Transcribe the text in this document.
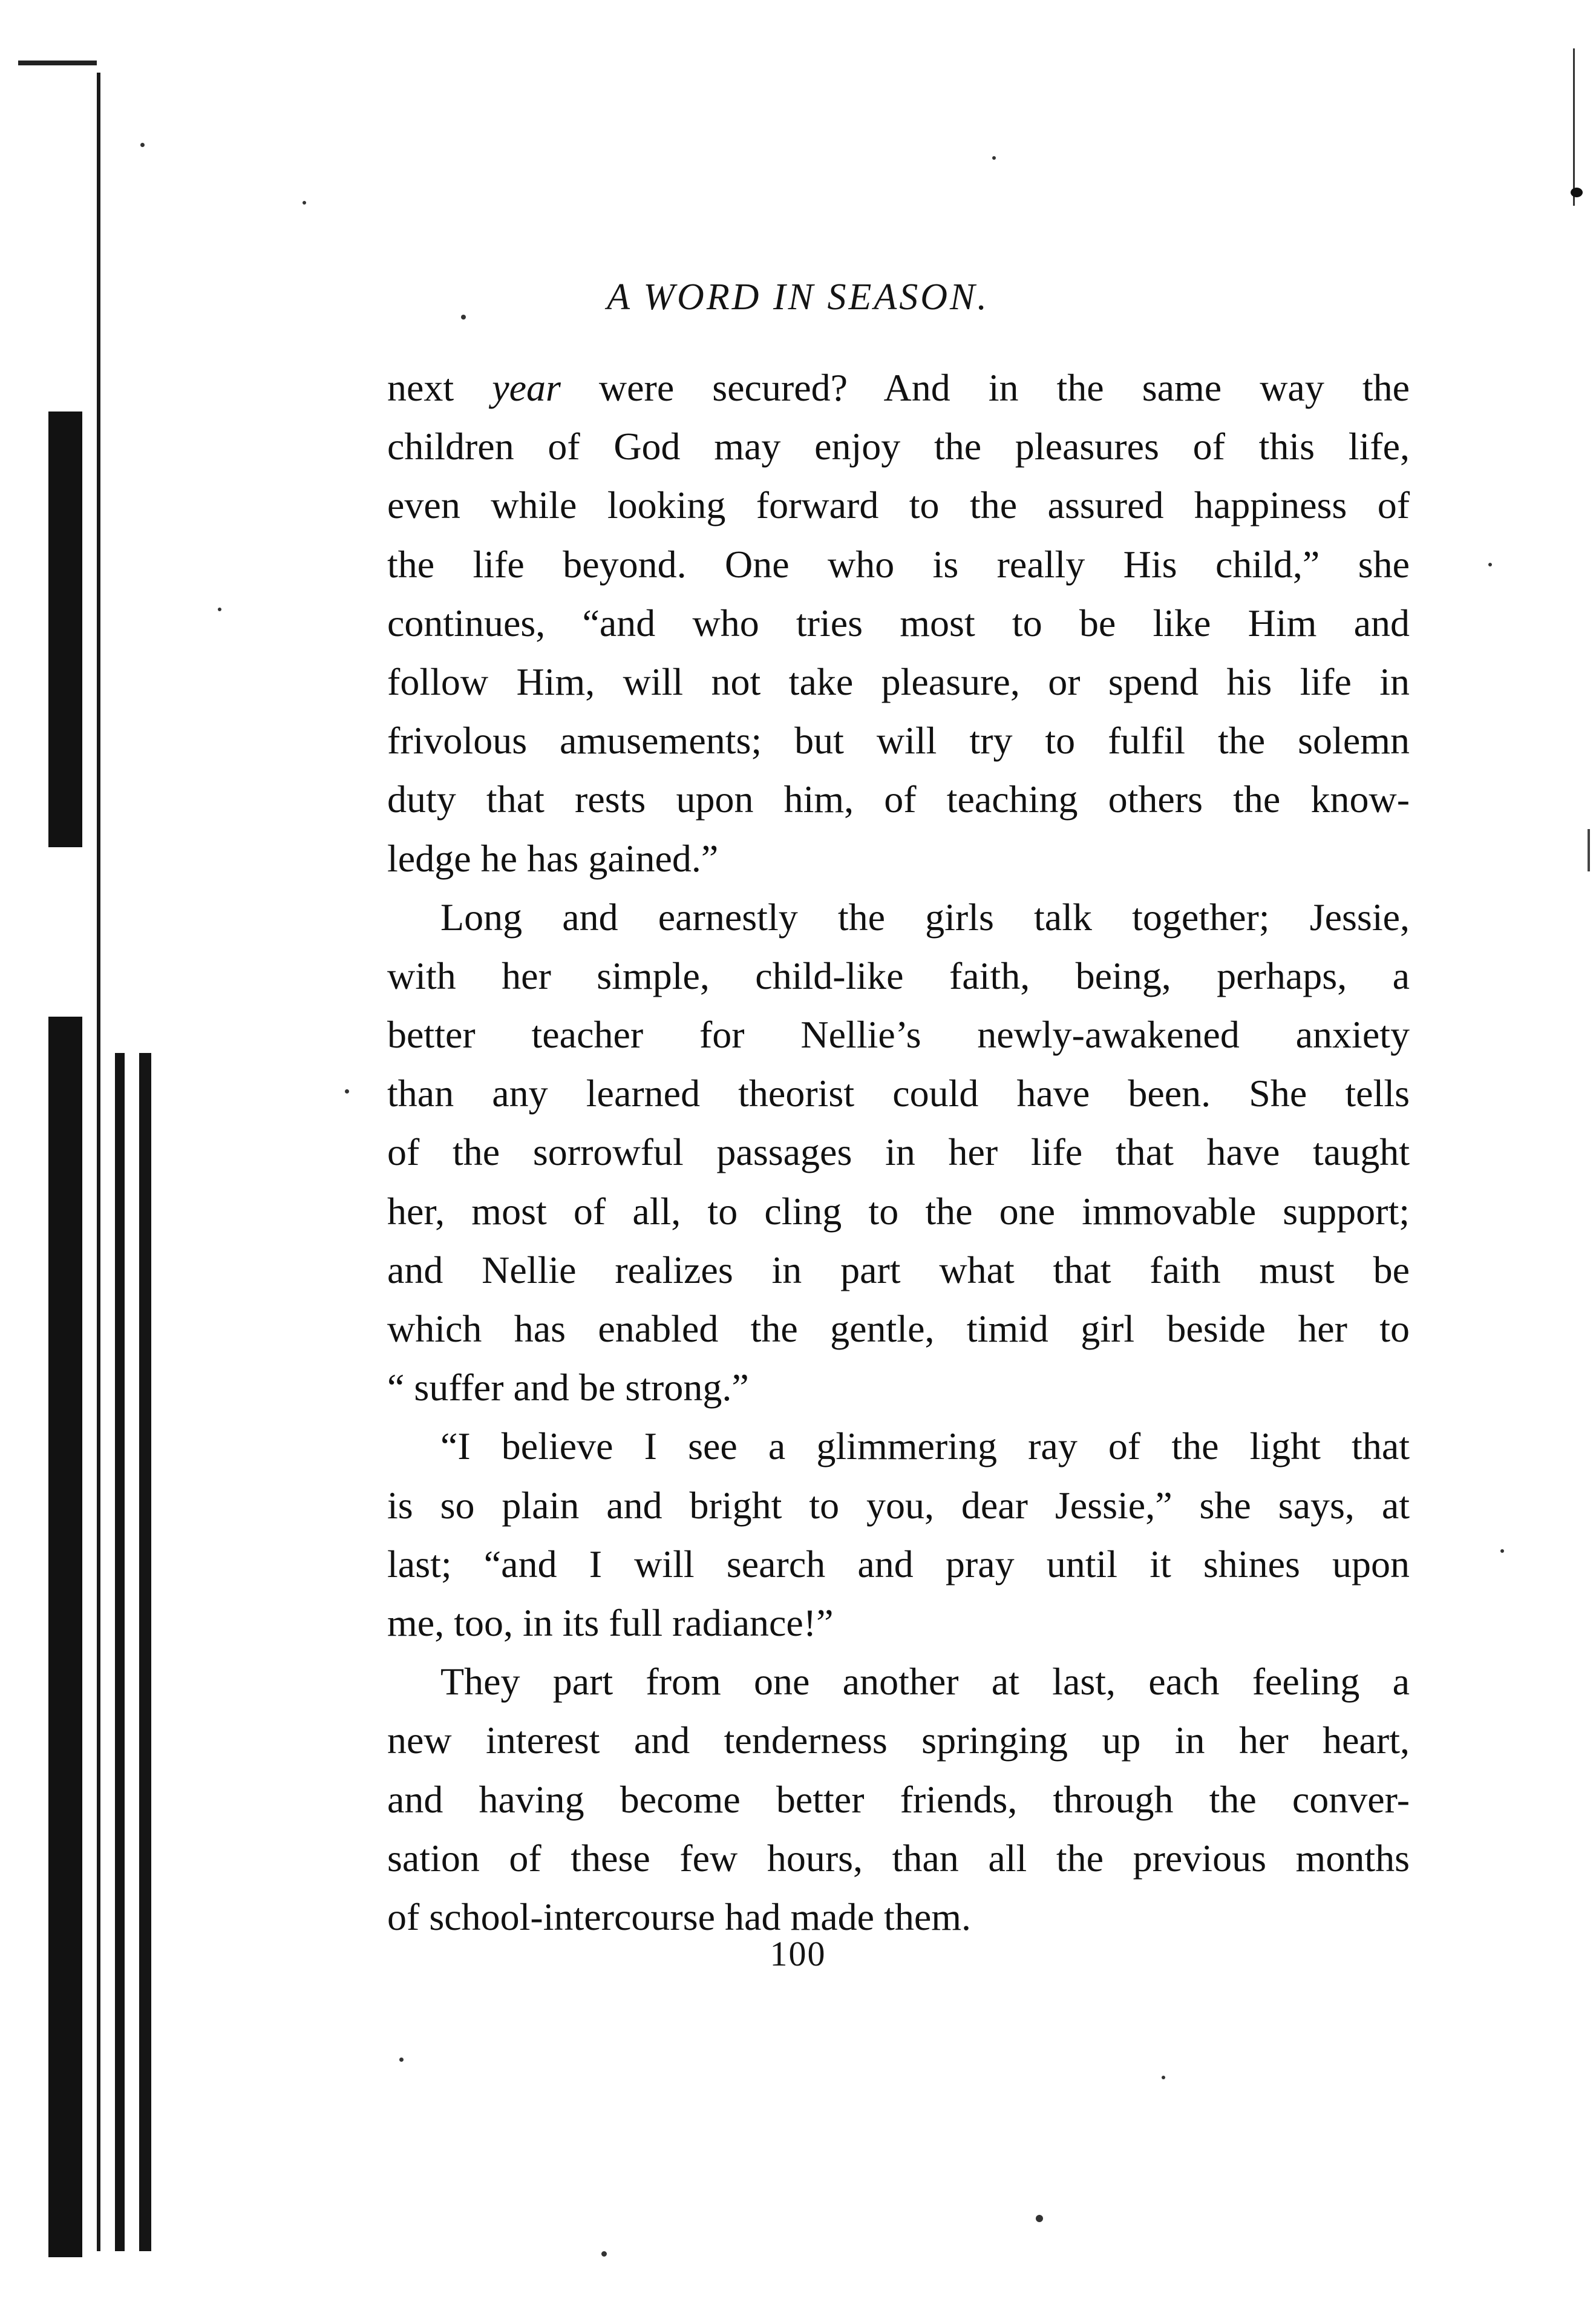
A WORD IN SEASON.
next year were secured? And in the same way the
children of God may enjoy the pleasures of this life,
even while looking forward to the assured happiness of
the life beyond. One who is really His child,” she
continues, “and who tries most to be like Him and
follow Him, will not take pleasure, or spend his life in
frivolous amusements; but will try to fulfil the solemn
duty that rests upon him, of teaching others the know-
ledge he has gained.”
Long and earnestly the girls talk together; Jessie,
with her simple, child-like faith, being, perhaps, a
better teacher for Nellie’s newly-awakened anxiety
than any learned theorist could have been. She tells
of the sorrowful passages in her life that have taught
her, most of all, to cling to the one immovable support;
and Nellie realizes in part what that faith must be
which has enabled the gentle, timid girl beside her to
“ suffer and be strong.”
“I believe I see a glimmering ray of the light that
is so plain and bright to you, dear Jessie,” she says, at
last; “and I will search and pray until it shines upon
me, too, in its full radiance!”
They part from one another at last, each feeling a
new interest and tenderness springing up in her heart,
and having become better friends, through the conver-
sation of these few hours, than all the previous months
of school-intercourse had made them.
100
